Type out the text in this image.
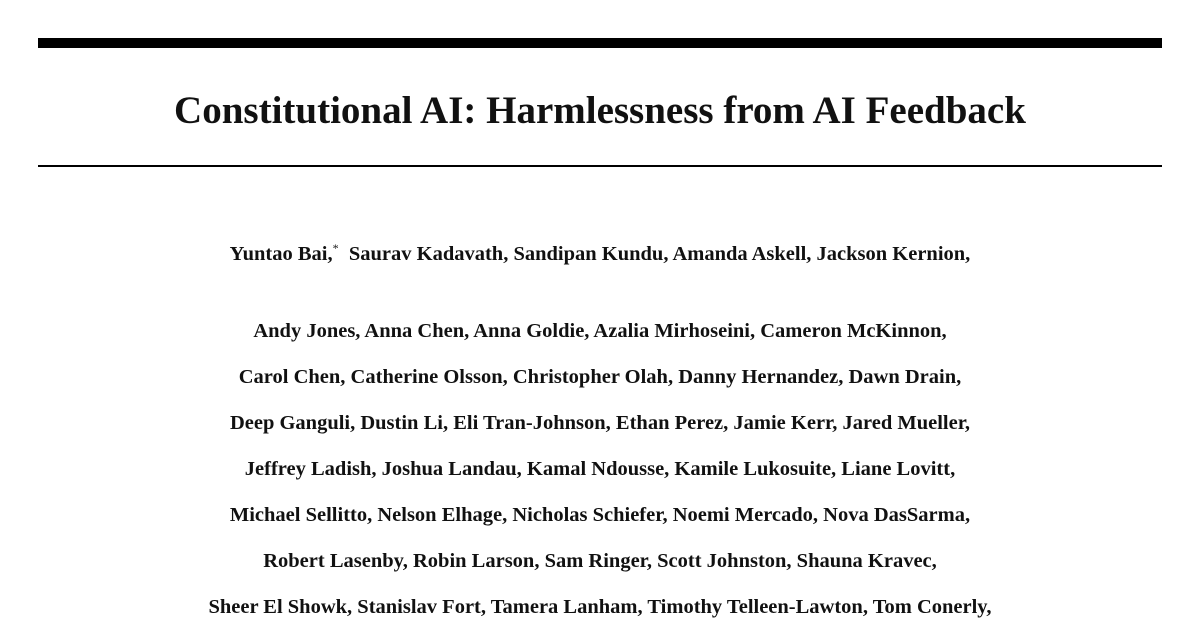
Constitutional AI: Harmlessness from AI Feedback
Yuntao Bai,* Saurav Kadavath, Sandipan Kundu, Amanda Askell, Jackson Kernion,
Andy Jones, Anna Chen, Anna Goldie, Azalia Mirhoseini, Cameron McKinnon,
Carol Chen, Catherine Olsson, Christopher Olah, Danny Hernandez, Dawn Drain,
Deep Ganguli, Dustin Li, Eli Tran-Johnson, Ethan Perez, Jamie Kerr, Jared Mueller,
Jeffrey Ladish, Joshua Landau, Kamal Ndousse, Kamile Lukosuite, Liane Lovitt,
Michael Sellitto, Nelson Elhage, Nicholas Schiefer, Noemi Mercado, Nova DasSarma,
Robert Lasenby, Robin Larson, Sam Ringer, Scott Johnston, Shauna Kravec,
Sheer El Showk, Stanislav Fort, Tamera Lanham, Timothy Telleen-Lawton, Tom Conerly,
